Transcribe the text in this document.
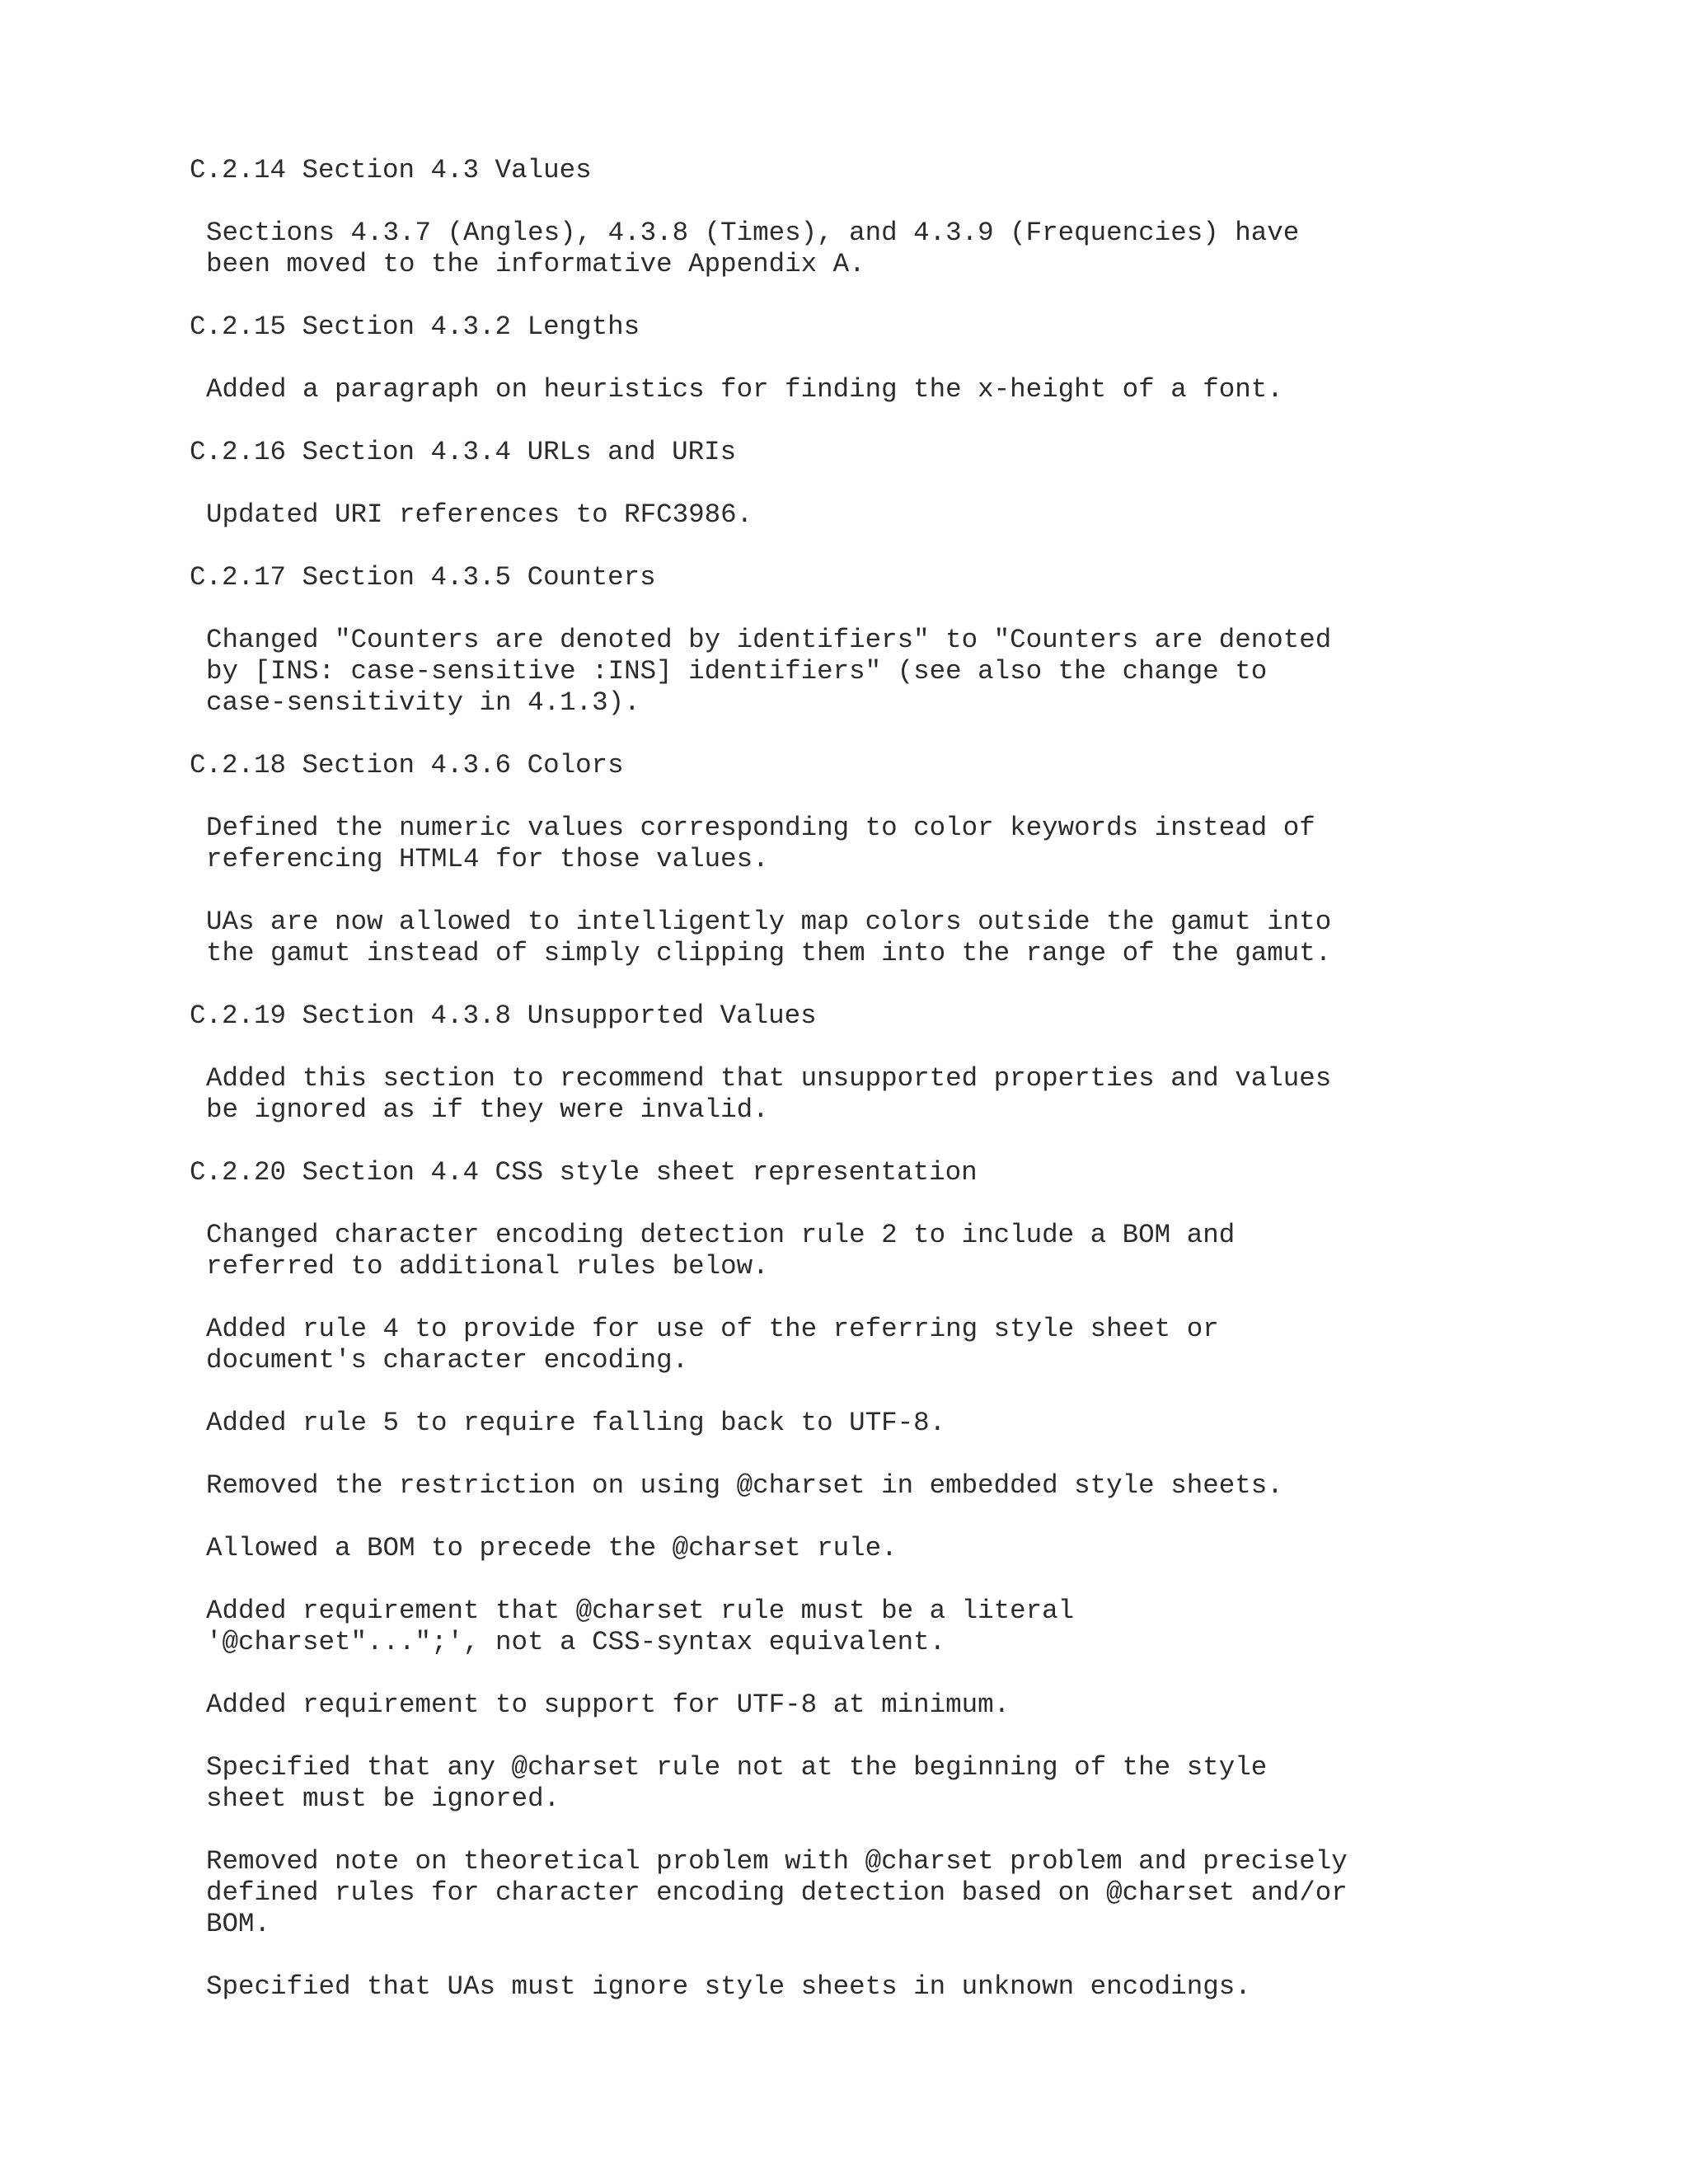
C.2.14 Section 4.3 Values
Sections 4.3.7 (Angles), 4.3.8 (Times), and 4.3.9 (Frequencies) have
been moved to the informative Appendix A.
C.2.15 Section 4.3.2 Lengths
Added a paragraph on heuristics for finding the x-height of a font.
C.2.16 Section 4.3.4 URLs and URIs
Updated URI references to RFC3986.
C.2.17 Section 4.3.5 Counters
Changed "Counters are denoted by identifiers" to "Counters are denoted
by [INS: case-sensitive :INS] identifiers" (see also the change to
case-sensitivity in 4.1.3).
C.2.18 Section 4.3.6 Colors
Defined the numeric values corresponding to color keywords instead of
referencing HTML4 for those values.
UAs are now allowed to intelligently map colors outside the gamut into
the gamut instead of simply clipping them into the range of the gamut.
C.2.19 Section 4.3.8 Unsupported Values
Added this section to recommend that unsupported properties and values
be ignored as if they were invalid.
C.2.20 Section 4.4 CSS style sheet representation
Changed character encoding detection rule 2 to include a BOM and
referred to additional rules below.
Added rule 4 to provide for use of the referring style sheet or
document's character encoding.
Added rule 5 to require falling back to UTF-8.
Removed the restriction on using @charset in embedded style sheets.
Allowed a BOM to precede the @charset rule.
Added requirement that @charset rule must be a literal
'@charset"...";', not a CSS-syntax equivalent.
Added requirement to support for UTF-8 at minimum.
Specified that any @charset rule not at the beginning of the style
sheet must be ignored.
Removed note on theoretical problem with @charset problem and precisely
defined rules for character encoding detection based on @charset and/or
BOM.
Specified that UAs must ignore style sheets in unknown encodings.
